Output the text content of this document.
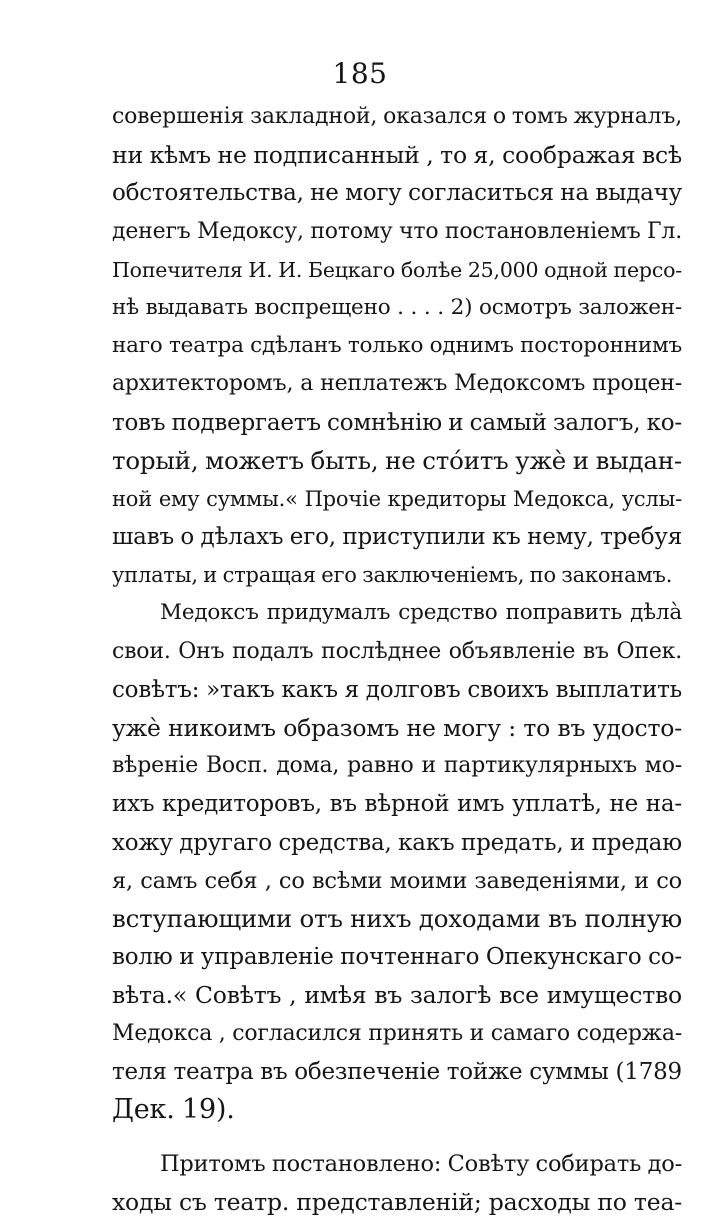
185
совершенія закладной, оказался о томъ журналъ,
ни кѣмъ не подписанный , то я, соображая всѣ
обстоятельства, не могу согласиться на выдачу
денегъ Медоксу, потому что постановленіемъ Гл.
Попечителя И. И. Бецкаго болѣе 25,000 одной персо-
нѣ выдавать воспрещено . . . . 2) осмотръ заложен-
наго театра сдѣланъ только однимъ постороннимъ
архитекторомъ, а неплатежъ Медоксомъ процен-
товъ подвергаетъ сомнѣнію и самый залогъ, ко-
торый, можетъ быть, не стóитъ ужѐ и выдан-
ной ему суммы.« Прочіе кредиторы Медокса, услы-
шавъ о дѣлахъ его, приступили къ нему, требуя
уплаты, и стращая его заключеніемъ, по законамъ.
Медоксъ придумалъ средство поправить дѣлà
свои. Онъ подалъ послѣднее объявленіе въ Опек.
совѣтъ: »такъ какъ я долговъ своихъ выплатить
ужѐ никоимъ образомъ не могу : то въ удосто-
вѣреніе Восп. дома, равно и партикулярныхъ мо-
ихъ кредиторовъ, въ вѣрной имъ уплатѣ, не на-
хожу другаго средства, какъ предать, и предаю
я, самъ себя , со всѣми моими заведеніями, и со
вступающими отъ нихъ доходами въ полную
волю и управленіе почтеннаго Опекунскаго со-
вѣта.« Совѣтъ , имѣя въ залогѣ все имущество
Медокса , согласился принять и самаго содержа-
теля театра въ обезпеченіе тойже суммы (1789
Дек. 19).
Притомъ постановлено: Совѣту собирать до-
ходы съ театр. представленій; расходы по теа-
